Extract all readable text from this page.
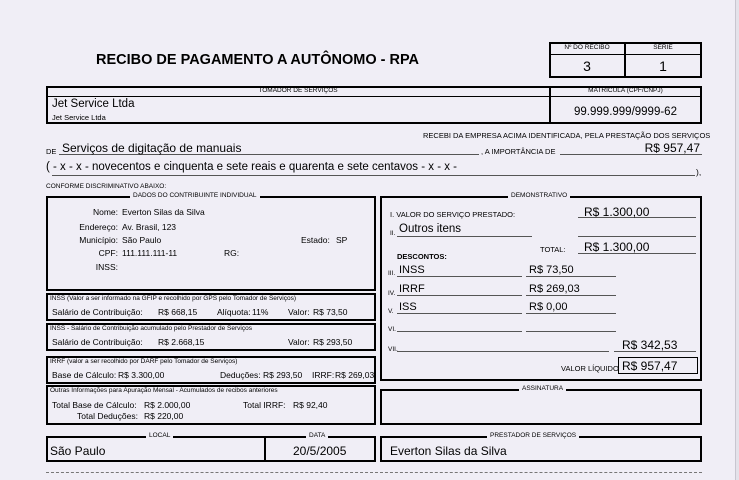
RECIBO DE PAGAMENTO A AUTÔNOMO - RPA
Nº DO RECIBO	SÉRIE
3	1
TOMADOR DE SERVIÇOS	MATRÍCULA (CPF/CNPJ)
Jet Service Ltda
Jet Service Ltda	99.999.999/9999-62
RECEBI DA EMPRESA ACIMA IDENTIFICADA, PELA PRESTAÇÃO DOS SERVIÇOS
DE Serviços de digitação de manuais	, A IMPORTÂNCIA DE	R$ 957,47
( - x - x - novecentos e cinquenta e sete reais e quarenta e sete centavos - x - x -	),
CONFORME DISCRIMINATIVO ABAIXO:
DADOS DO CONTRIBUINTE INDIVIDUAL
Nome: Everton Silas da Silva
Endereço: Av. Brasil, 123
Município: São Paulo	Estado: SP
CPF: 111.111.111-11	RG:
INSS:
INSS (Valor a ser informado na GFIP e recolhido por GPS pelo Tomador de Serviços)
Salário de Contribuição: R$ 668,15 Alíquota: 11% Valor: R$ 73,50
INSS - Salário de Contribuição acumulado pelo Prestador de Serviços
Salário de Contribuição: R$ 2.668,15	Valor: R$ 293,50
IRRF (valor a ser recolhido por DARF pelo Tomador de Serviços)
Base de Cálculo: R$ 3.300,00	Deduções: R$ 293,50 IRRF: R$ 269,03
Outras Informações para Apuração Mensal - Acumulados de recibos anteriores
Total Base de Cálculo: R$ 2.000,00	Total IRRF: R$ 92,40
Total Deduções: R$ 220,00
DEMONSTRATIVO
I. VALOR DO SERVIÇO PRESTADO:	R$ 1.300,00
II. Outros itens
TOTAL: R$ 1.300,00
DESCONTOS:
III. INSS	R$ 73,50
IV. IRRF	R$ 269,03
V. ISS	R$ 0,00
VI.
VII.	R$ 342,53
VALOR LÍQUIDO R$ 957,47
ASSINATURA
LOCAL	DATA
São Paulo	20/5/2005
PRESTADOR DE SERVIÇOS
Everton Silas da Silva
